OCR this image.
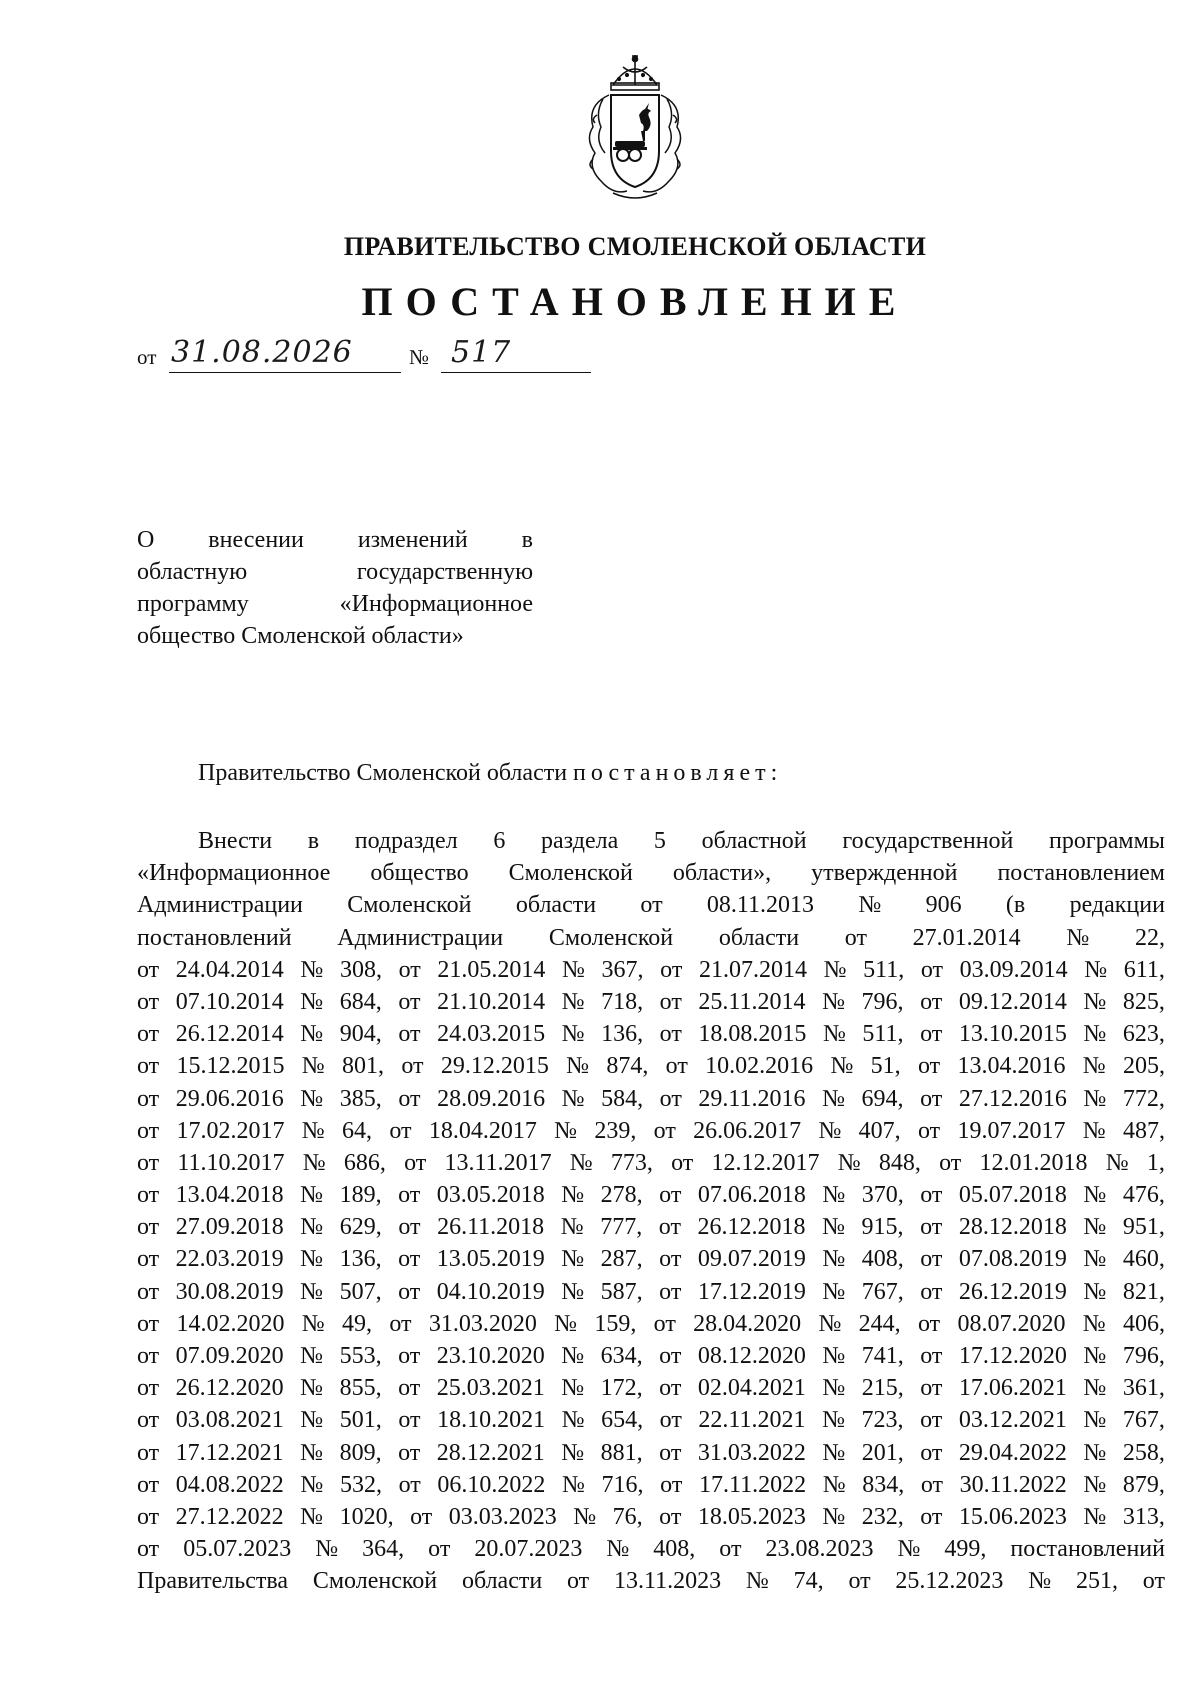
ПРАВИТЕЛЬСТВО СМОЛЕНСКОЙ ОБЛАСТИ
ПОСТАНОВЛЕНИЕ
от 31.08.2026	№ 517
О внесении изменений в
областную	государственную
программу	«Информационное
общество Смоленской области»
Правительство Смоленской области постановляет:
Внести в подраздел 6 раздела 5 областной государственной программы
«Информационное общество Смоленской области», утвержденной постановлением
Администрации Смоленской области от 08.11.2013 № 906 (в редакции
постановлений Администрации Смоленской области от 27.01.2014 № 22,
от 24.04.2014 № 308, от 21.05.2014 № 367, от 21.07.2014 № 511, от 03.09.2014 № 611,
от 07.10.2014 № 684, от 21.10.2014 № 718, от 25.11.2014 № 796, от 09.12.2014 № 825,
от 26.12.2014 № 904, от 24.03.2015 № 136, от 18.08.2015 № 511, от 13.10.2015 № 623,
от 15.12.2015 № 801, от 29.12.2015 № 874, от 10.02.2016 № 51, от 13.04.2016 № 205,
от 29.06.2016 № 385, от 28.09.2016 № 584, от 29.11.2016 № 694, от 27.12.2016 № 772,
от 17.02.2017 № 64, от 18.04.2017 № 239, от 26.06.2017 № 407, от 19.07.2017 № 487,
от 11.10.2017 № 686, от 13.11.2017 № 773, от 12.12.2017 № 848, от 12.01.2018 № 1,
от 13.04.2018 № 189, от 03.05.2018 № 278, от 07.06.2018 № 370, от 05.07.2018 № 476,
от 27.09.2018 № 629, от 26.11.2018 № 777, от 26.12.2018 № 915, от 28.12.2018 № 951,
от 22.03.2019 № 136, от 13.05.2019 № 287, от 09.07.2019 № 408, от 07.08.2019 № 460,
от 30.08.2019 № 507, от 04.10.2019 № 587, от 17.12.2019 № 767, от 26.12.2019 № 821,
от 14.02.2020 № 49, от 31.03.2020 № 159, от 28.04.2020 № 244, от 08.07.2020 № 406,
от 07.09.2020 № 553, от 23.10.2020 № 634, от 08.12.2020 № 741, от 17.12.2020 № 796,
от 26.12.2020 № 855, от 25.03.2021 № 172, от 02.04.2021 № 215, от 17.06.2021 № 361,
от 03.08.2021 № 501, от 18.10.2021 № 654, от 22.11.2021 № 723, от 03.12.2021 № 767,
от 17.12.2021 № 809, от 28.12.2021 № 881, от 31.03.2022 № 201, от 29.04.2022 № 258,
от 04.08.2022 № 532, от 06.10.2022 № 716, от 17.11.2022 № 834, от 30.11.2022 № 879,
от 27.12.2022 № 1020, от 03.03.2023 № 76, от 18.05.2023 № 232, от 15.06.2023 № 313,
от 05.07.2023 № 364, от 20.07.2023 № 408, от 23.08.2023 № 499, постановлений
Правительства Смоленской области от 13.11.2023 № 74, от 25.12.2023 № 251, от
